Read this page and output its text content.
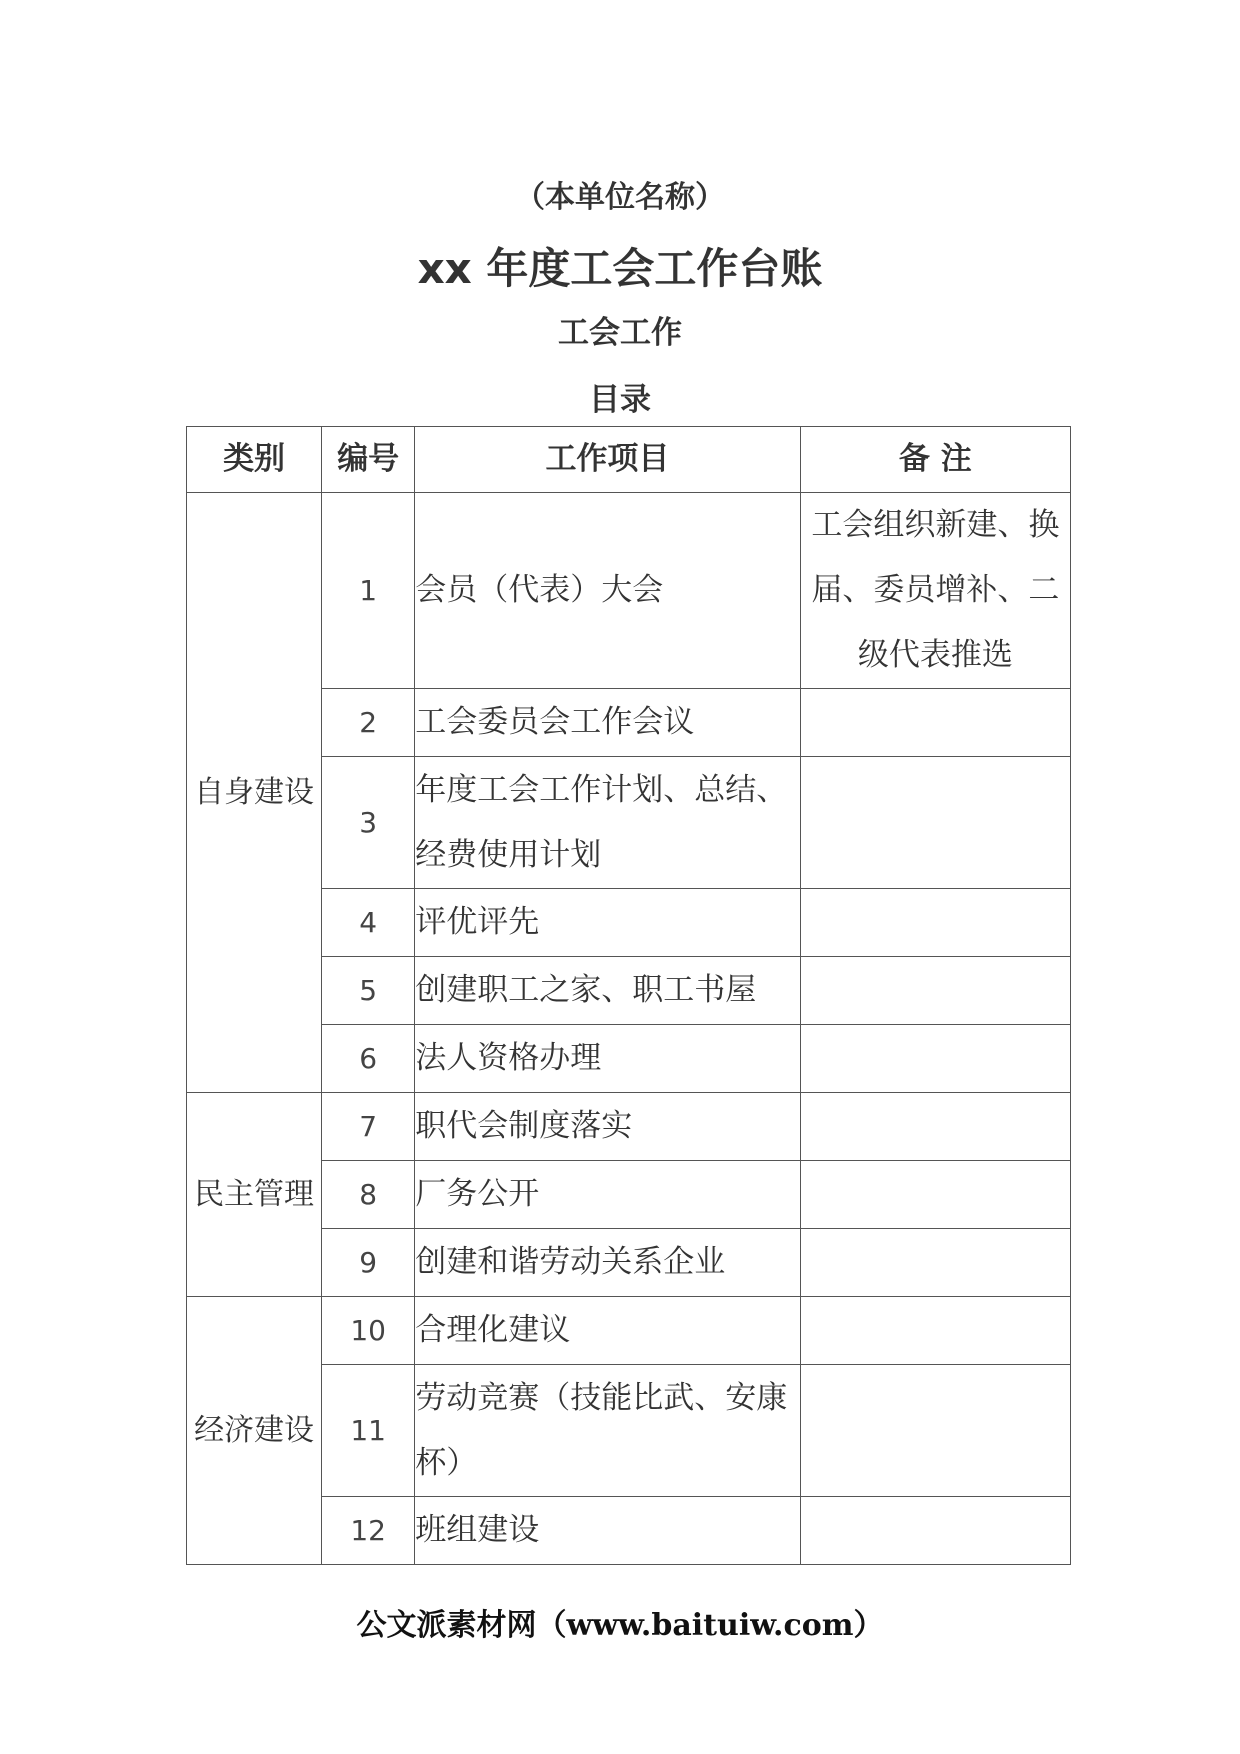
（本单位名称）
xx 年度工会工作台账
工会工作
目录
类别	编号	工作项目	备 注
自身建设	1	会员（代表）大会	工会组织新建、换届、委员增补、二级代表推选

	2	工会委员会工作会议	
	3	年度工会工作计划、总结、经费使用计划	

	4	评优评先	
	5	创建职工之家、职工书屋	
	6	法人资格办理	
民主管理	7	职代会制度落实	
	8	厂务公开	
	9	创建和谐劳动关系企业	
经济建设	10	合理化建议	
	11	劳动竞赛（技能比武、安康杯）	

	12	班组建设	
公文派素材网（www.baituiw.com）
